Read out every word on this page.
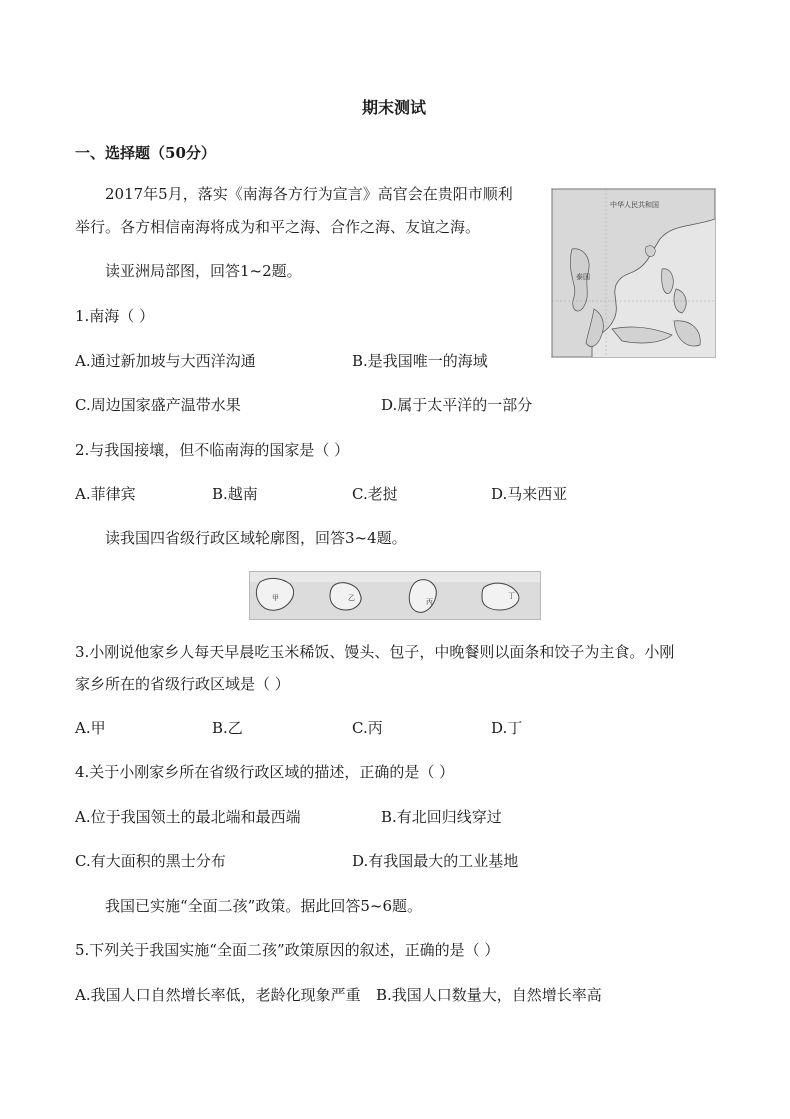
期末测试
一、选择题（50分）
2017年5月，落实《南海各方行为宣言》高官会在贵阳市顺利
举行。各方相信南海将成为和平之海、合作之海、友谊之海。
读亚洲局部图，回答1~2题。
中华人民共和国
泰国
1.南海（ ）
A.通过新加坡与大西洋沟通	B.是我国唯一的海域
C.周边国家盛产温带水果	D.属于太平洋的一部分
2.与我国接壤，但不临南海的国家是（ ）
A.菲律宾	B.越南	C.老挝	D.马来西亚
读我国四省级行政区域轮廓图，回答3~4题。
甲	乙	丙
丁
3.小刚说他家乡人每天早晨吃玉米稀饭、馒头、包子，中晚餐则以面条和饺子为主食。小刚
家乡所在的省级行政区域是（ ）
A.甲	B.乙	C.丙	D.丁
4.关于小刚家乡所在省级行政区域的描述，正确的是（ ）
A.位于我国领土的最北端和最西端	B.有北回归线穿过
C.有大面积的黑士分布	D.有我国最大的工业基地
我国已实施“全面二孩”政策。据此回答5~6题。
5.下列关于我国实施“全面二孩”政策原因的叙述，正确的是（ ）
A.我国人口自然增长率低，老龄化现象严重 B.我国人口数量大，自然增长率高
